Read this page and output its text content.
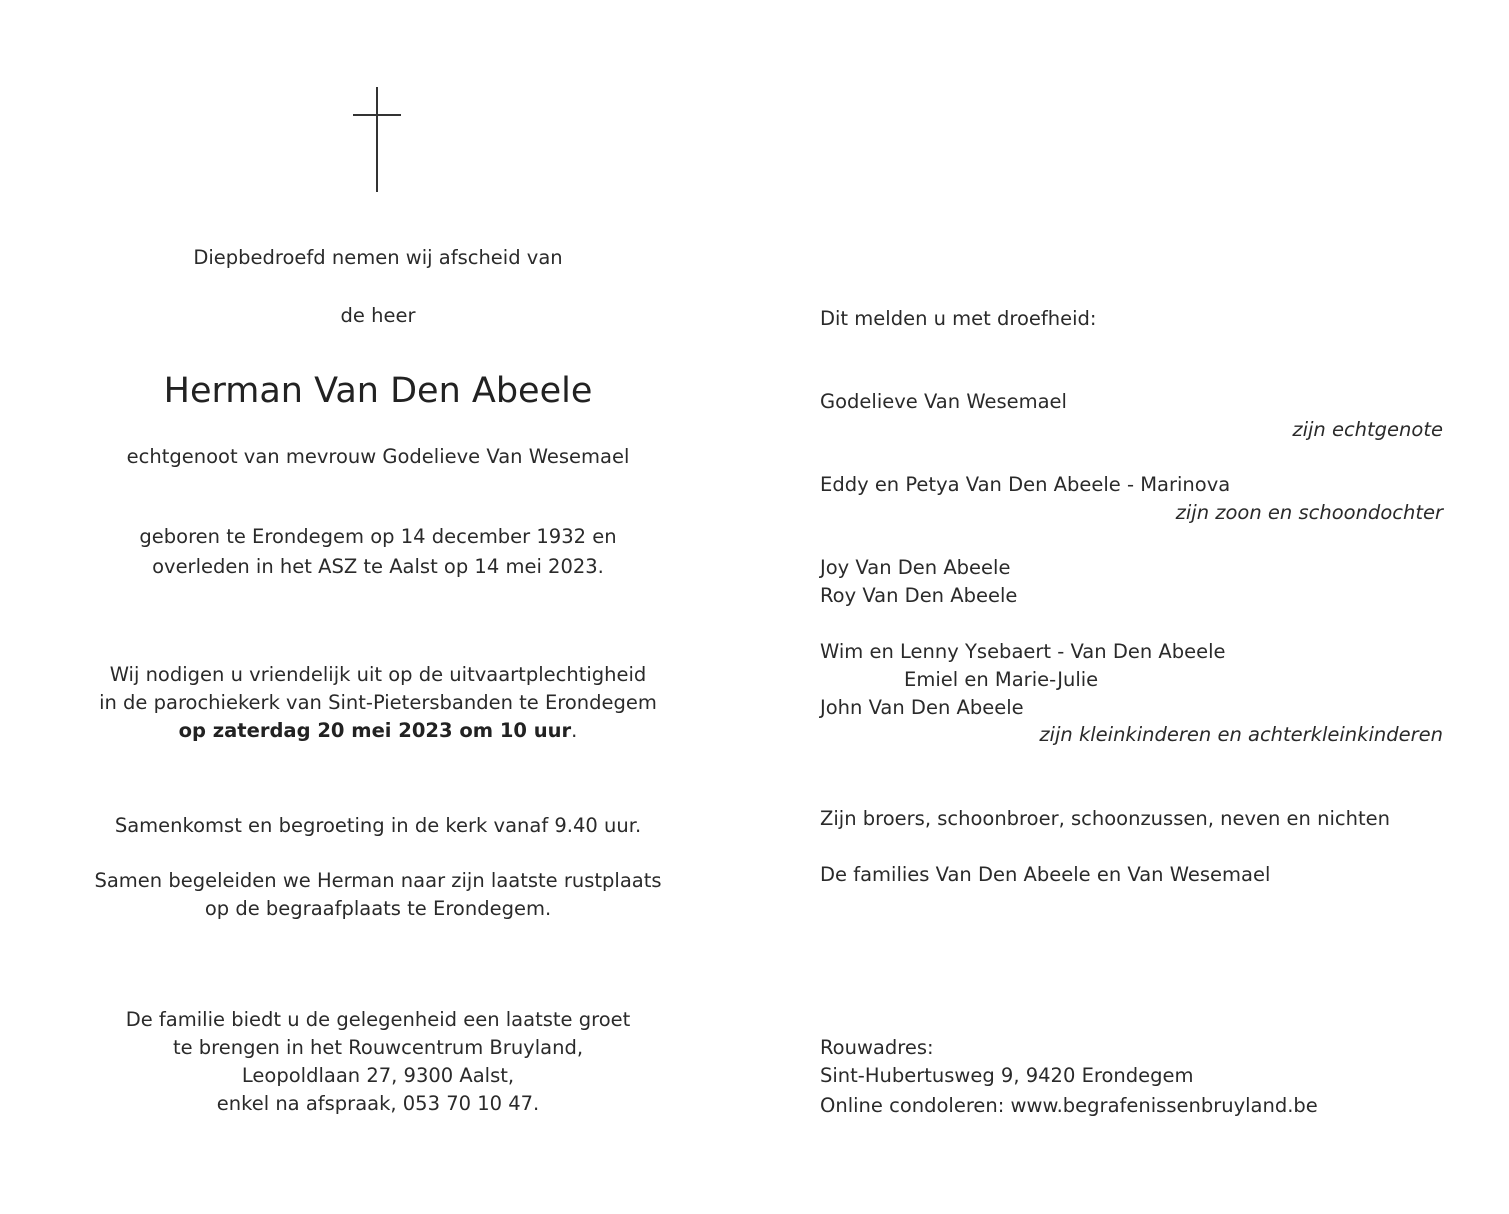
Diepbedroefd nemen wij afscheid van
de heer
Herman Van Den Abeele
echtgenoot van mevrouw Godelieve Van Wesemael
geboren te Erondegem op 14 december 1932 en
overleden in het ASZ te Aalst op 14 mei 2023.
Wij nodigen u vriendelijk uit op de uitvaartplechtigheid
in de parochiekerk van Sint-Pietersbanden te Erondegem
op zaterdag 20 mei 2023 om 10 uur.
Samenkomst en begroeting in de kerk vanaf 9.40 uur.
Samen begeleiden we Herman naar zijn laatste rustplaats
op de begraafplaats te Erondegem.
De familie biedt u de gelegenheid een laatste groet
te brengen in het Rouwcentrum Bruyland,
Leopoldlaan 27, 9300 Aalst,
enkel na afspraak, 053 70 10 47.
Dit melden u met droefheid:
Godelieve Van Wesemael
zijn echtgenote
Eddy en Petya Van Den Abeele - Marinova
zijn zoon en schoondochter
Joy Van Den Abeele
Roy Van Den Abeele
Wim en Lenny Ysebaert - Van Den Abeele
Emiel en Marie-Julie
John Van Den Abeele
zijn kleinkinderen en achterkleinkinderen
Zijn broers, schoonbroer, schoonzussen, neven en nichten
De families Van Den Abeele en Van Wesemael
Rouwadres:
Sint-Hubertusweg 9, 9420 Erondegem
Online condoleren: www.begrafenissenbruyland.be
